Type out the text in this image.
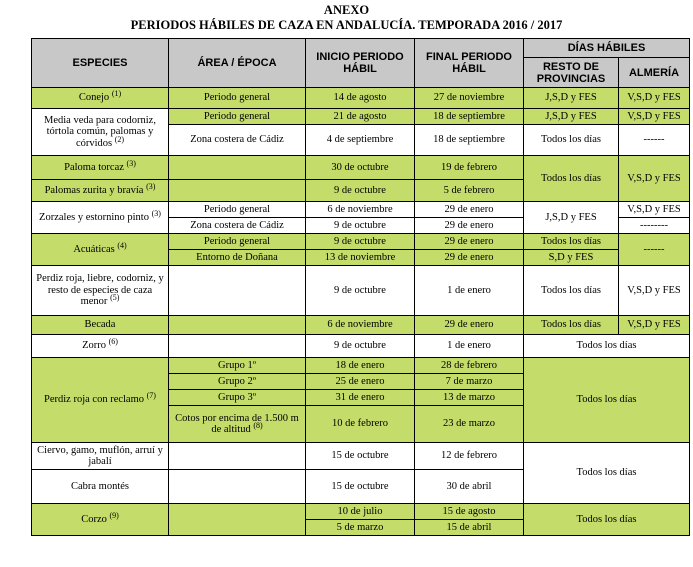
ANEXO
PERIODOS HÁBILES DE CAZA EN ANDALUCÍA. TEMPORADA 2016 / 2017
ESPECIES	ÁREA / ÉPOCA	INICIO PERIODO HÁBIL	FINAL PERIODO HÁBIL	DÍAS HÁBILES	
				RESTO DE PROVINCIAS	ALMERÍA
Conejo $^{(1)}$	Periodo general	14 de agosto	27 de noviembre	J,S,D y FES	V,S,D y FES
Media veda para codorniz, tórtola común, palomas y córvidos $^{(2)}$	Periodo general	21 de agosto	18 de septiembre	J,S,D y FES	V,S,D y FES
	Zona costera de Cádiz	4 de septiembre	18 de septiembre	Todos los días	------
Paloma torcaz $^{(3)}$		30 de octubre	19 de febrero	Todos los días	V,S,D y FES
Palomas zurita y bravía $^{(3)}$		9 de octubre	5 de febrero		
Zorzales y estornino pinto $^{(3)}$	Periodo general	6 de noviembre	29 de enero	J,S,D y FES	V,S,D y FES
	Zona costera de Cádiz	9 de octubre	29 de enero		--------
Acuáticas $^{(4)}$	Periodo general	9 de octubre	29 de enero	Todos los días	------
	Entorno de Doñana	13 de noviembre	29 de enero	S,D y FES	
Perdiz roja, liebre, codorniz, y resto de especies de caza menor $^{(5)}$		9 de octubre	1 de enero	Todos los días	V,S,D y FES
Becada		6 de noviembre	29 de enero	Todos los días	V,S,D y FES
Zorro $^{(6)}$		9 de octubre	1 de enero	Todos los días	
Perdiz roja con reclamo $^{(7)}$	Grupo 1º	18 de enero	28 de febrero	Todos los días	
	Grupo 2º	25 de enero	7 de marzo		
	Grupo 3º	31 de enero	13 de marzo		
	Cotos por encima de 1.500 m de altitud $^{(8)}$	10 de febrero	23 de marzo		
Ciervo, gamo, muflón, arruí y jabalí		15 de octubre	12 de febrero	Todos los días	
Cabra montés		15 de octubre	30 de abril		
Corzo $^{(9)}$		10 de julio	15 de agosto	Todos los días	
		5 de marzo	15 de abril		
